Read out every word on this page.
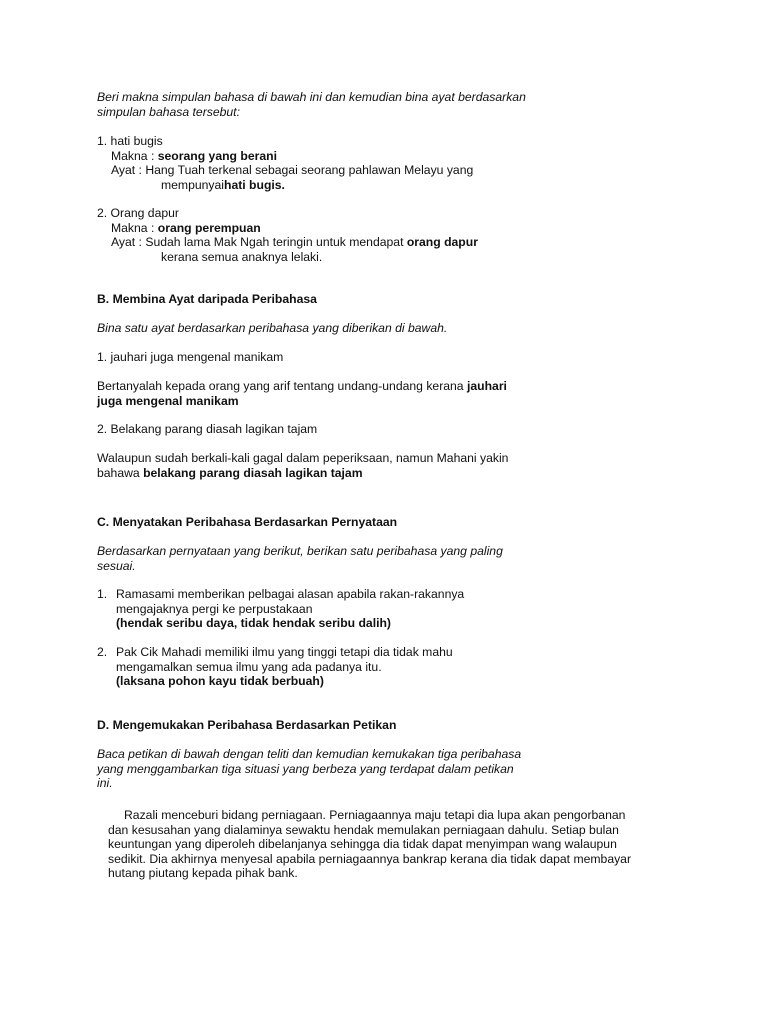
Beri makna simpulan bahasa di bawah ini dan kemudian bina ayat berdasarkan
simpulan bahasa tersebut:
1. hati bugis
Makna : seorang yang berani
Ayat : Hang Tuah terkenal sebagai seorang pahlawan Melayu yang
mempunyaihati bugis.
2. Orang dapur
Makna : orang perempuan
Ayat : Sudah lama Mak Ngah teringin untuk mendapat orang dapur
kerana semua anaknya lelaki.
B. Membina Ayat daripada Peribahasa
Bina satu ayat berdasarkan peribahasa yang diberikan di bawah.
1. jauhari juga mengenal manikam
Bertanyalah kepada orang yang arif tentang undang-undang kerana jauhari
juga mengenal manikam
2. Belakang parang diasah lagikan tajam
Walaupun sudah berkali-kali gagal dalam peperiksaan, namun Mahani yakin
bahawa belakang parang diasah lagikan tajam
C. Menyatakan Peribahasa Berdasarkan Pernyataan
Berdasarkan pernyataan yang berikut, berikan satu peribahasa yang paling
sesuai.
1. Ramasami memberikan pelbagai alasan apabila rakan-rakannya
mengajaknya pergi ke perpustakaan
(hendak seribu daya, tidak hendak seribu dalih)
2. Pak Cik Mahadi memiliki ilmu yang tinggi tetapi dia tidak mahu
mengamalkan semua ilmu yang ada padanya itu.
(laksana pohon kayu tidak berbuah)
D. Mengemukakan Peribahasa Berdasarkan Petikan
Baca petikan di bawah dengan teliti dan kemudian kemukakan tiga peribahasa
yang menggambarkan tiga situasi yang berbeza yang terdapat dalam petikan
ini.
Razali menceburi bidang perniagaan. Perniagaannya maju tetapi dia lupa akan pengorbanan
dan kesusahan yang dialaminya sewaktu hendak memulakan perniagaan dahulu. Setiap bulan
keuntungan yang diperoleh dibelanjanya sehingga dia tidak dapat menyimpan wang walaupun
sedikit. Dia akhirnya menyesal apabila perniagaannya bankrap kerana dia tidak dapat membayar
hutang piutang kepada pihak bank.
